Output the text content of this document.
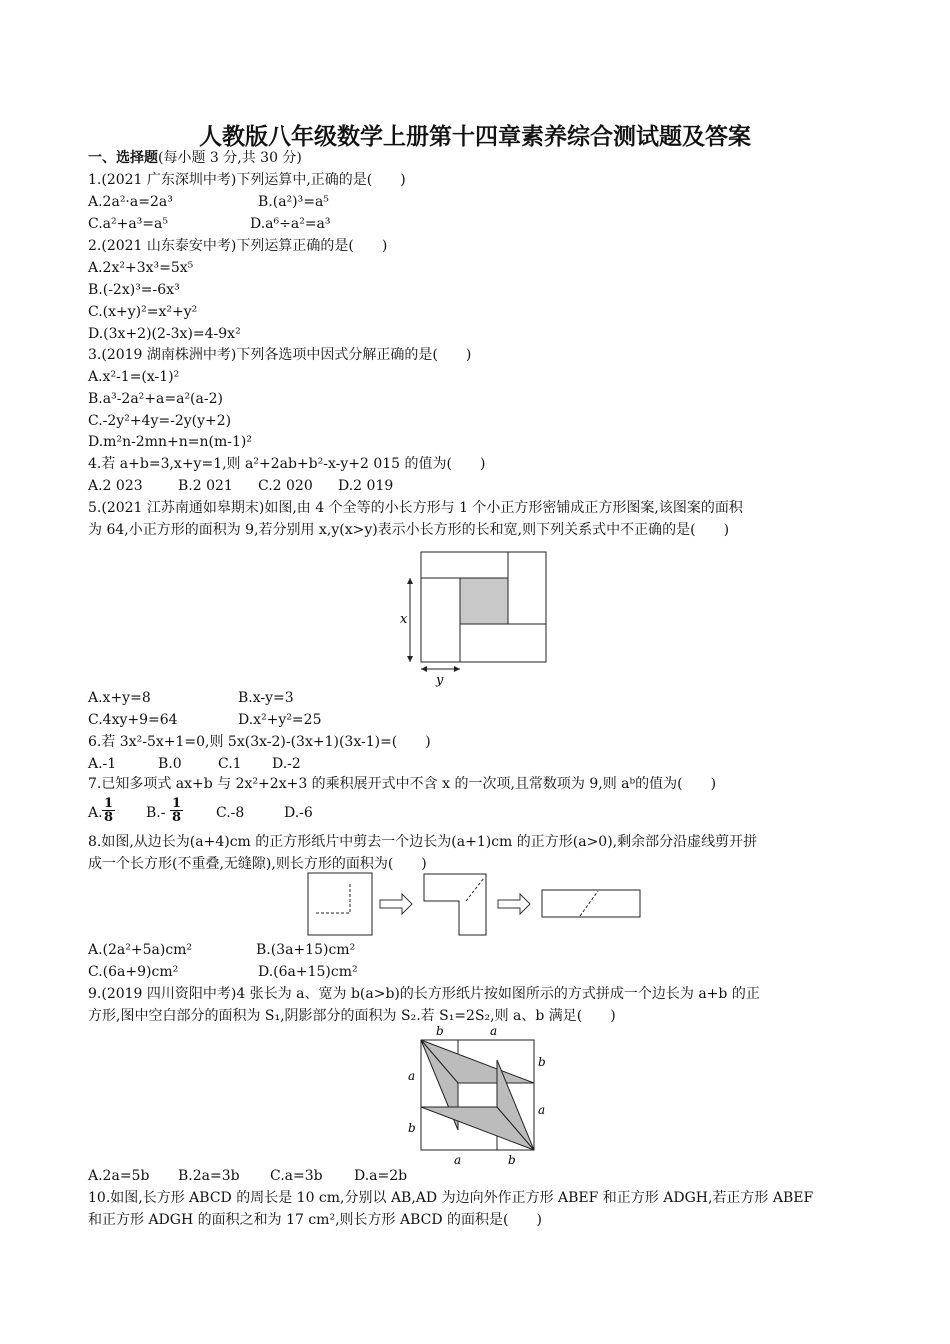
人教版八年级数学上册第十四章素养综合测试题及答案
一、选择题(每小题 3 分,共 30 分)
1.(2021 广东深圳中考)下列运算中,正确的是(　　)
A.2a²·a=2a³	B.(a²)³=a⁵
C.a²+a³=a⁵	D.a⁶÷a²=a³
2.(2021 山东泰安中考)下列运算正确的是(　　)
A.2x²+3x³=5x⁵
B.(-2x)³=-6x³
C.(x+y)²=x²+y²
D.(3x+2)(2-3x)=4-9x²
3.(2019 湖南株洲中考)下列各选项中因式分解正确的是(　　)
A.x²-1=(x-1)²
B.a³-2a²+a=a²(a-2)
C.-2y²+4y=-2y(y+2)
D.m²n-2mn+n=n(m-1)²
4.若 a+b=3,x+y=1,则 a²+2ab+b²-x-y+2 015 的值为(　　)
A.2 023	B.2 021 C.2 020 D.2 019
5.(2021 江苏南通如皋期末)如图,由 4 个全等的小长方形与 1 个小正方形密铺成正方形图案,该图案的面积
为 64,小正方形的面积为 9,若分别用 x,y(x>y)表示小长方形的长和宽,则下列关系式中不正确的是(　　)
x
y
A.x+y=8	B.x-y=3
C.4xy+9=64	D.x²+y²=25
6.若 3x²-5x+1=0,则 5x(3x-2)-(3x+1)(3x-1)=(　　)
A.-1	B.0	C.1 D.-2
7.已知多项式 ax+b 与 2x²+2x+3 的乘积展开式中不含 x 的一次项,且常数项为 9,则 aᵇ的值为(　　)
A. $\frac{1}{8} B.- \frac{1}{8} C.-8$	D.-6
8.如图,从边长为(a+4)cm 的正方形纸片中剪去一个边长为(a+1)cm 的正方形(a>0),剩余部分沿虚线剪开拼
成一个长方形(不重叠,无缝隙),则长方形的面积为(　　)
A.(2a²+5a)cm²	B.(3a+15)cm²
C.(6a+9)cm²	D.(6a+15)cm²
9.(2019 四川资阳中考)4 张长为 a、宽为 b(a>b)的长方形纸片按如图所示的方式拼成一个边长为 a+b 的正
方形,图中空白部分的面积为 S₁,阴影部分的面积为 S₂.若 S₁=2S₂,则 a、b 满足(　　)
b	a
a
b
b
a
a	b
A.2a=5b B.2a=3b C.a=3b D.a=2b
10.如图,长方形 ABCD 的周长是 10 cm,分别以 AB,AD 为边向外作正方形 ABEF 和正方形 ADGH,若正方形 ABEF
和正方形 ADGH 的面积之和为 17 cm²,则长方形 ABCD 的面积是(　　)
